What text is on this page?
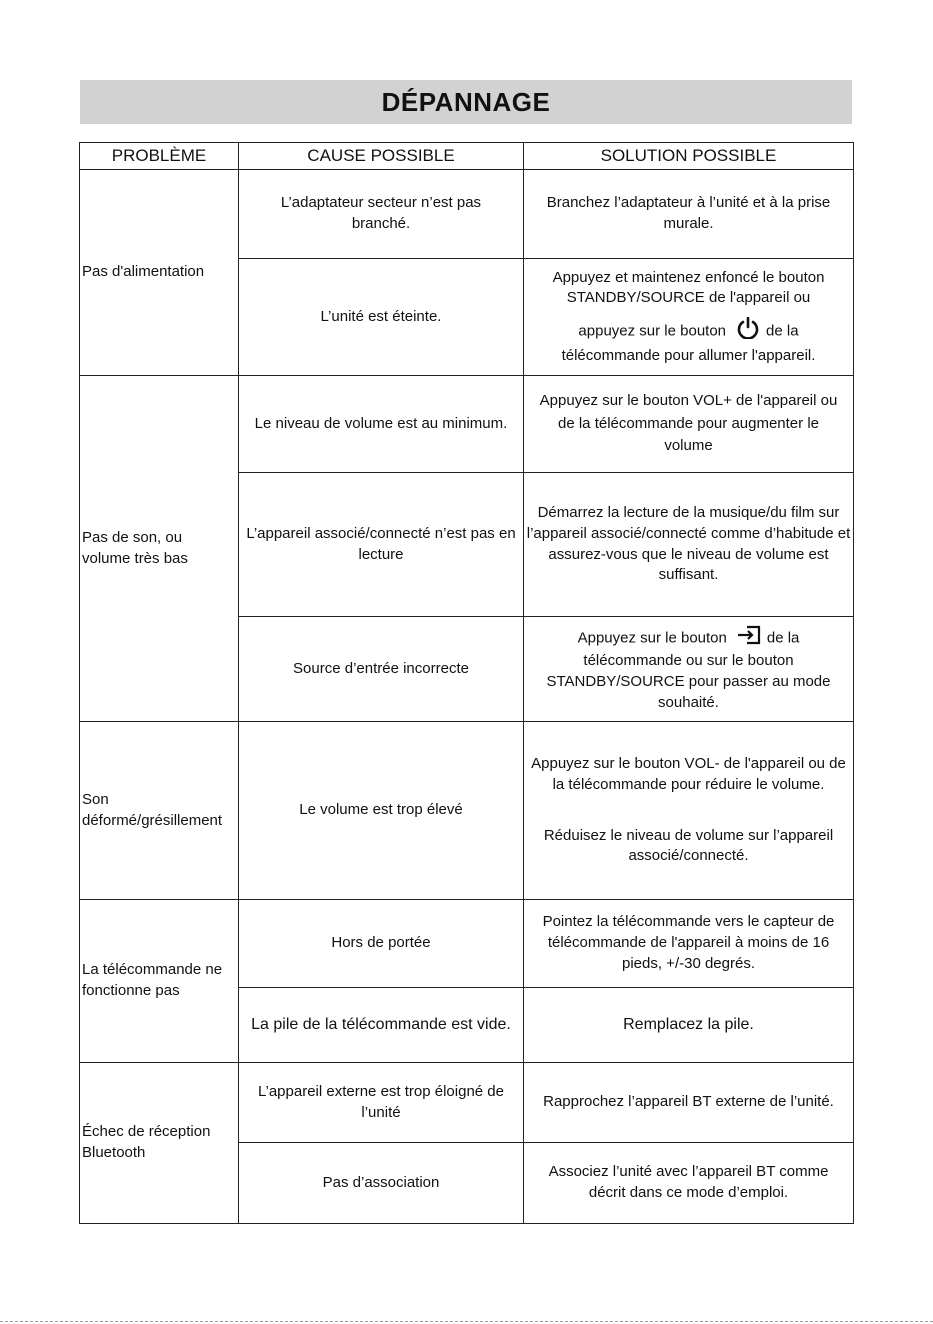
DÉPANNAGE
PROBLÈME	CAUSE POSSIBLE	SOLUTION POSSIBLE
Pas d'alimentation	L’adaptateur secteur n’est pas branché.	Branchez l’adaptateur à l’unité et à la prise murale.
	L’unité est éteinte.	Appuyez et maintenez enfoncé le bouton STANDBY/SOURCE de l'appareil ou
appuyez sur le bouton de la
télécommande pour allumer l'appareil.

Pas de son, ou volume très bas	Le niveau de volume est au minimum.	Appuyez sur le bouton VOL+ de l'appareil ou
de la télécommande pour augmenter le
volume

	L’appareil associé/connecté n’est pas en lecture	Démarrez la lecture de la musique/du film sur l’appareil associé/connecté comme d’habitude et assurez-vous que le niveau de volume est suffisant.
	Source d’entrée incorrecte	Appuyez sur le bouton de la
télécommande ou sur le bouton STANDBY/SOURCE pour passer au mode souhaité.

Son déformé/grésillement	Le volume est trop élevé	Appuyez sur le bouton VOL- de l'appareil ou de la télécommande pour réduire le volume.
Réduisez le niveau de volume sur l’appareil associé/connecté.

La télécommande ne fonctionne pas	Hors de portée	Pointez la télécommande vers le capteur de télécommande de l'appareil à moins de 16 pieds, +/-30 degrés.
	La pile de la télécommande est vide.	Remplacez la pile.
Échec de réception Bluetooth	L’appareil externe est trop éloigné de l’unité	Rapprochez l’appareil BT externe de l’unité.
	Pas d’association	Associez l’unité avec l’appareil BT comme décrit dans ce mode d’emploi.
